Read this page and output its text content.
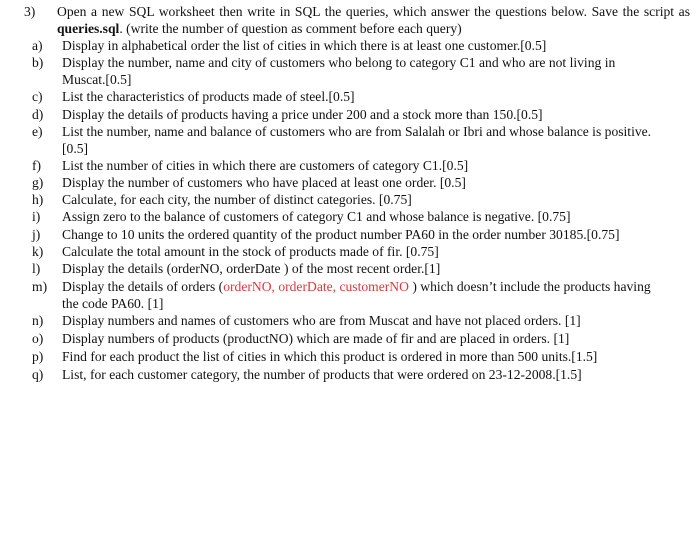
3)	Open a new SQL worksheet then write in SQL the queries, which answer the questions below. Save the script as queries.sql. (write the number of question as comment before each query)
a)	Display in alphabetical order the list of cities in which there is at least one customer.[0.5]
b)	Display the number, name and city of customers who belong to category C1 and who are not living in Muscat.[0.5]
c)	List the characteristics of products made of steel.[0.5]
d)	Display the details of products having a price under 200 and a stock more than 150.[0.5]
e)	List the number, name and balance of customers who are from Salalah or Ibri and whose balance is positive.[0.5]
f)	List the number of cities in which there are customers of category C1.[0.5]
g)	Display the number of customers who have placed at least one order. [0.5]
h)	Calculate, for each city, the number of distinct categories. [0.75]
i)	Assign zero to the balance of customers of category C1 and whose balance is negative. [0.75]
j)	Change to 10 units the ordered quantity of the product number PA60 in the order number 30185.[0.75]
k)	Calculate the total amount in the stock of products made of fir. [0.75]
l)	Display the details (orderNO, orderDate ) of the most recent order.[1]
m)	Display the details of orders (orderNO, orderDate, customerNO ) which doesn’t include the products having the code PA60. [1]
n)	Display numbers and names of customers who are from Muscat and have not placed orders. [1]
o)	Display numbers of products (productNO) which are made of fir and are placed in orders. [1]
p)	Find for each product the list of cities in which this product is ordered in more than 500 units.[1.5]
q)	List, for each customer category, the number of products that were ordered on 23-12-2008.[1.5]
